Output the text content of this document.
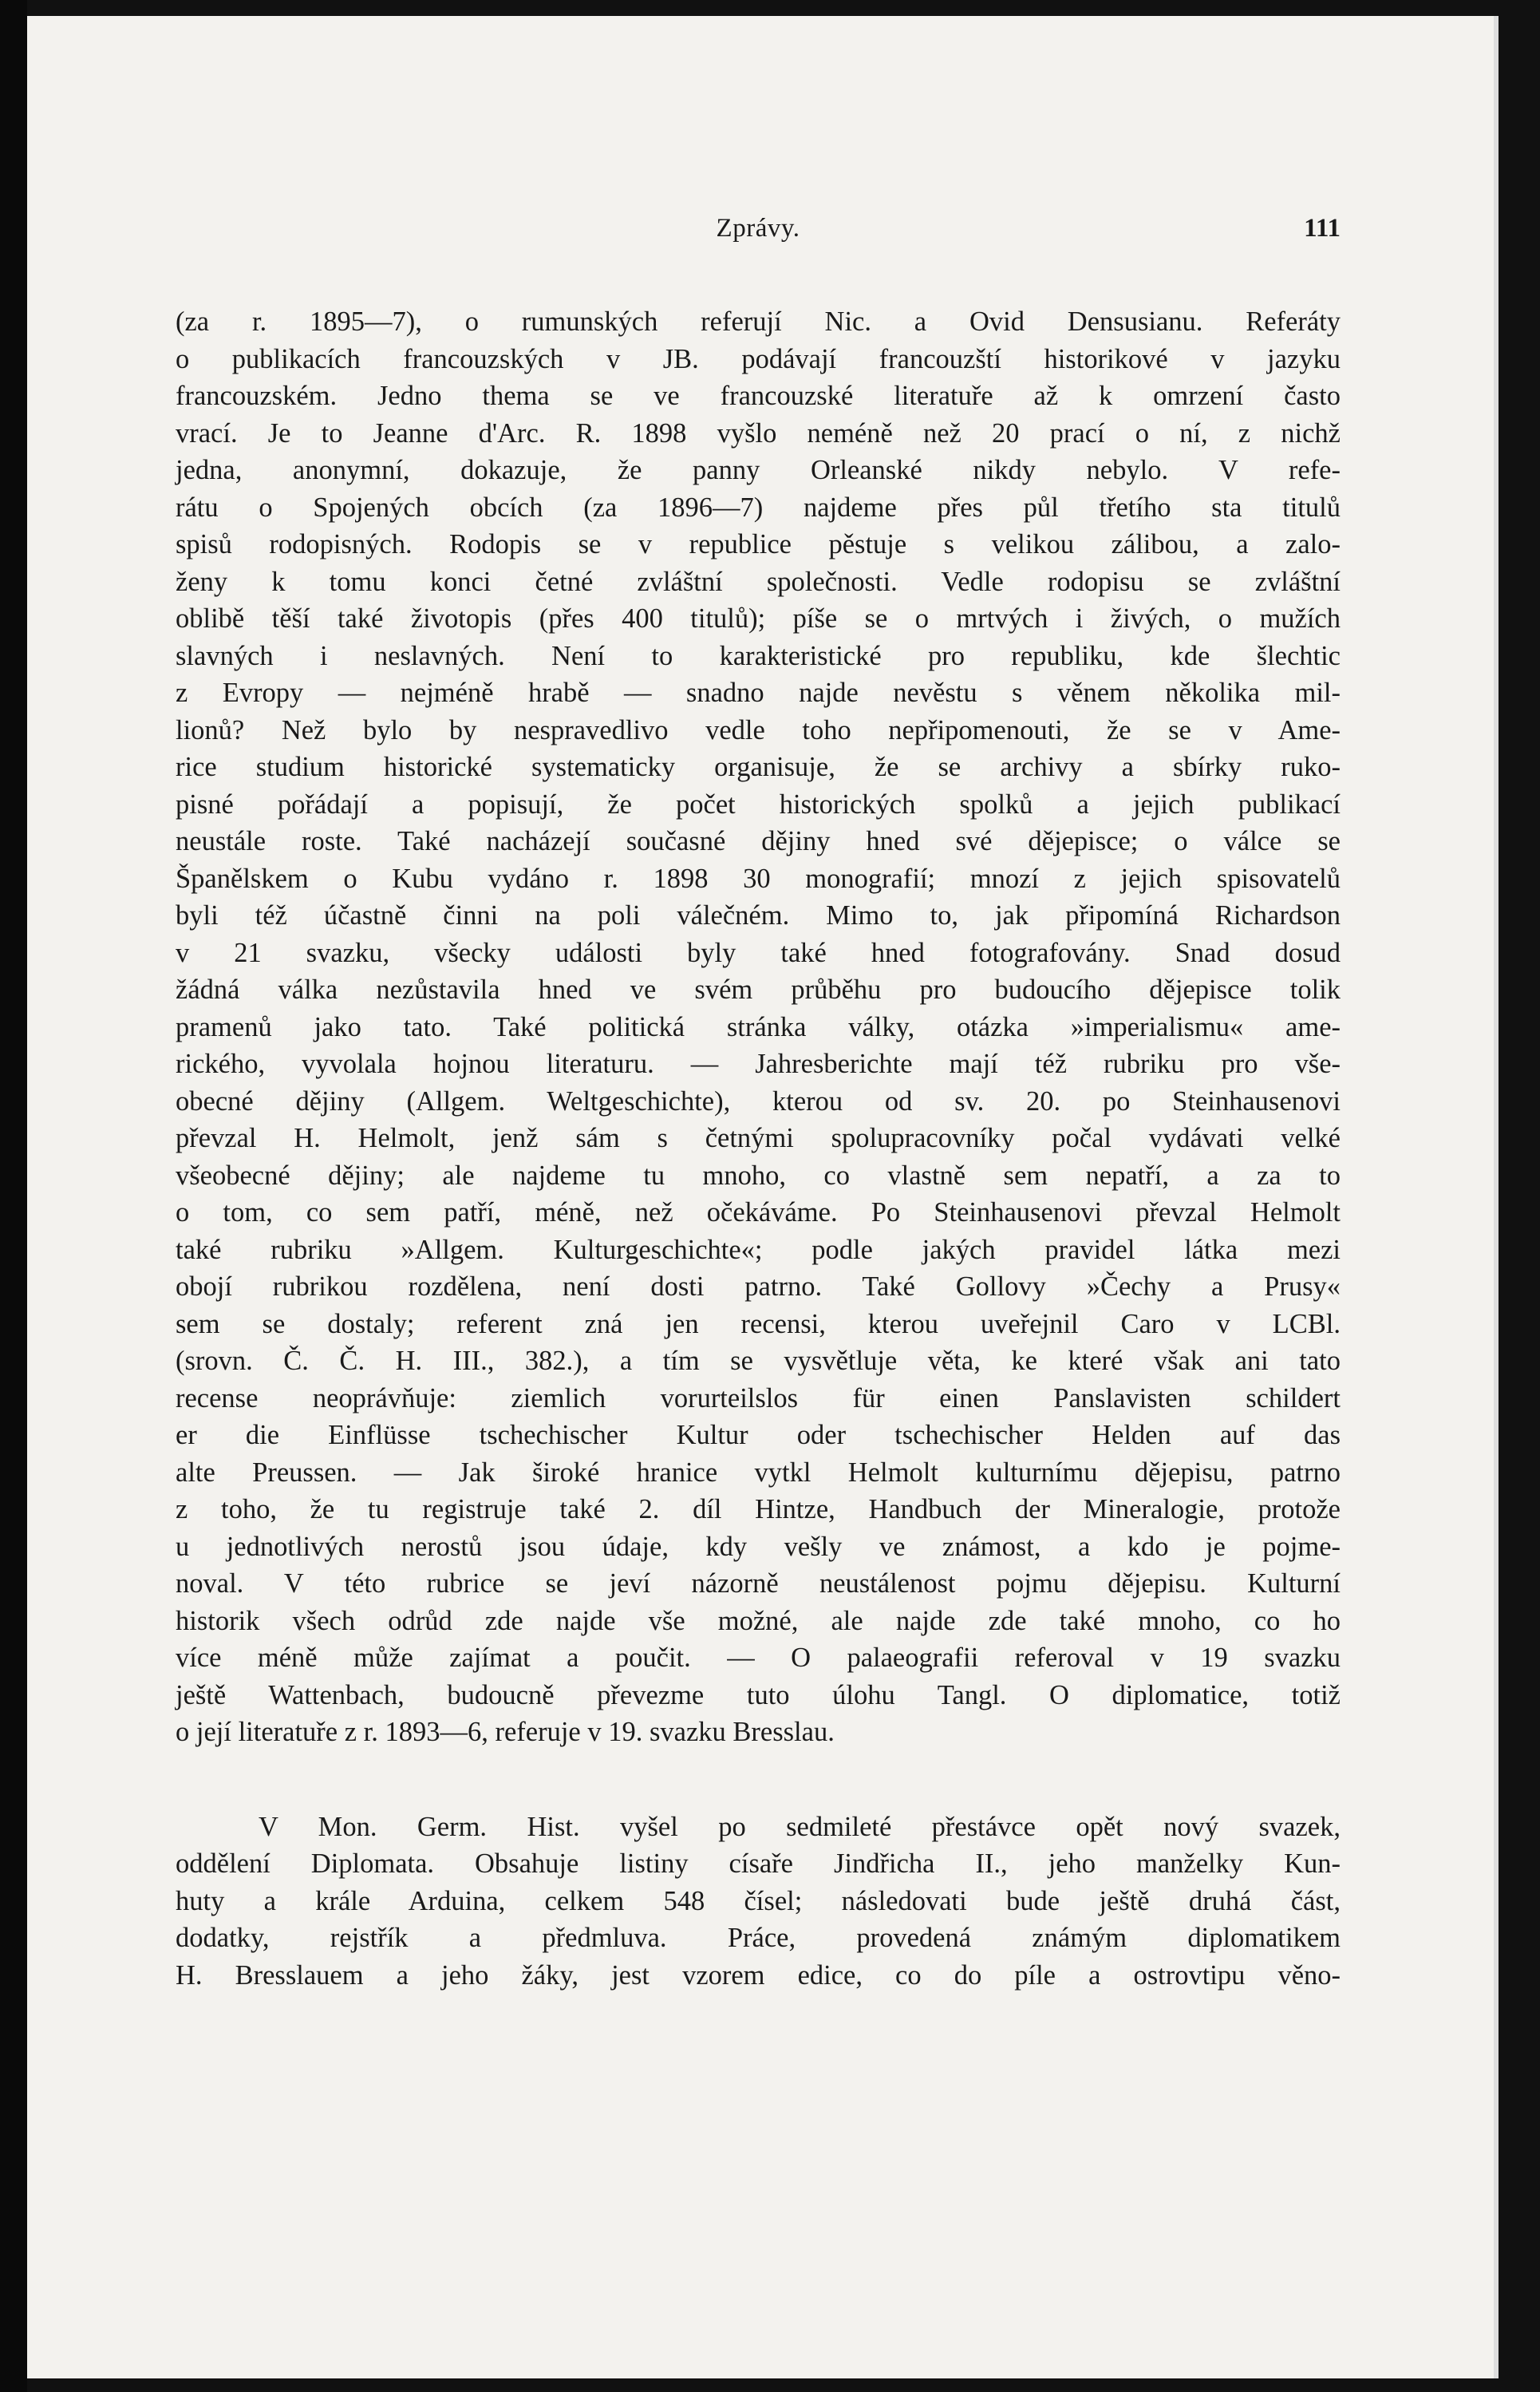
Zprávy.	111
(za r. 1895—7), o rumunských referují Nic. a Ovid Densusianu. Referáty
o publikacích francouzských v JB. podávají francouzští historikové v jazyku
francouzském. Jedno thema se ve francouzské literatuře až k omrzení často
vrací. Je to Jeanne d'Arc. R. 1898 vyšlo neméně než 20 prací o ní, z nichž
jedna, anonymní, dokazuje, že panny Orleanské nikdy nebylo. V refe-
rátu o Spojených obcích (za 1896—7) najdeme přes půl třetího sta titulů
spisů rodopisných. Rodopis se v republice pěstuje s velikou zálibou, a zalo-
ženy k tomu konci četné zvláštní společnosti. Vedle rodopisu se zvláštní
oblibě těší také životopis (přes 400 titulů); píše se o mrtvých i živých, o mužích
slavných i neslavných. Není to karakteristické pro republiku, kde šlechtic
z Evropy — nejméně hrabě — snadno najde nevěstu s věnem několika mil-
lionů? Než bylo by nespravedlivo vedle toho nepřipomenouti, že se v Ame-
rice studium historické systematicky organisuje, že se archivy a sbírky ruko-
pisné pořádají a popisují, že počet historických spolků a jejich publikací
neustále roste. Také nacházejí současné dějiny hned své dějepisce; o válce se
Španělskem o Kubu vydáno r. 1898 30 monografií; mnozí z jejich spisovatelů
byli též účastně činni na poli válečném. Mimo to, jak připomíná Richardson
v 21 svazku, všecky události byly také hned fotografovány. Snad dosud
žádná válka nezůstavila hned ve svém průběhu pro budoucího dějepisce tolik
pramenů jako tato. Také politická stránka války, otázka »imperialismu« ame-
rického, vyvolala hojnou literaturu. — Jahresberichte mají též rubriku pro vše-
obecné dějiny (Allgem. Weltgeschichte), kterou od sv. 20. po Steinhausenovi
převzal H. Helmolt, jenž sám s četnými spolupracovníky počal vydávati velké
všeobecné dějiny; ale najdeme tu mnoho, co vlastně sem nepatří, a za to
o tom, co sem patří, méně, než očekáváme. Po Steinhausenovi převzal Helmolt
také rubriku »Allgem. Kulturgeschichte«; podle jakých pravidel látka mezi
obojí rubrikou rozdělena, není dosti patrno. Také Gollovy »Čechy a Prusy«
sem se dostaly; referent zná jen recensi, kterou uveřejnil Caro v LCBl.
(srovn. Č. Č. H. III., 382.), a tím se vysvětluje věta, ke které však ani tato
recense neoprávňuje: ziemlich vorurteilslos für einen Panslavisten schildert
er die Einflüsse tschechischer Kultur oder tschechischer Helden auf das
alte Preussen. — Jak široké hranice vytkl Helmolt kulturnímu dějepisu, patrno
z toho, že tu registruje také 2. díl Hintze, Handbuch der Mineralogie, protože
u jednotlivých nerostů jsou údaje, kdy vešly ve známost, a kdo je pojme-
noval. V této rubrice se jeví názorně neustálenost pojmu dějepisu. Kulturní
historik všech odrůd zde najde vše možné, ale najde zde také mnoho, co ho
více méně může zajímat a poučit. — O palaeografii referoval v 19 svazku
ještě Wattenbach, budoucně převezme tuto úlohu Tangl. O diplomatice, totiž
o její literatuře z r. 1893—6, referuje v 19. svazku Bresslau.
V Mon. Germ. Hist. vyšel po sedmileté přestávce opět nový svazek,
oddělení Diplomata. Obsahuje listiny císaře Jindřicha II., jeho manželky Kun-
huty a krále Arduina, celkem 548 čísel; následovati bude ještě druhá část,
dodatky, rejstřík a předmluva. Práce, provedená známým diplomatikem
H. Bresslauem a jeho žáky, jest vzorem edice, co do píle a ostrovtipu věno-
